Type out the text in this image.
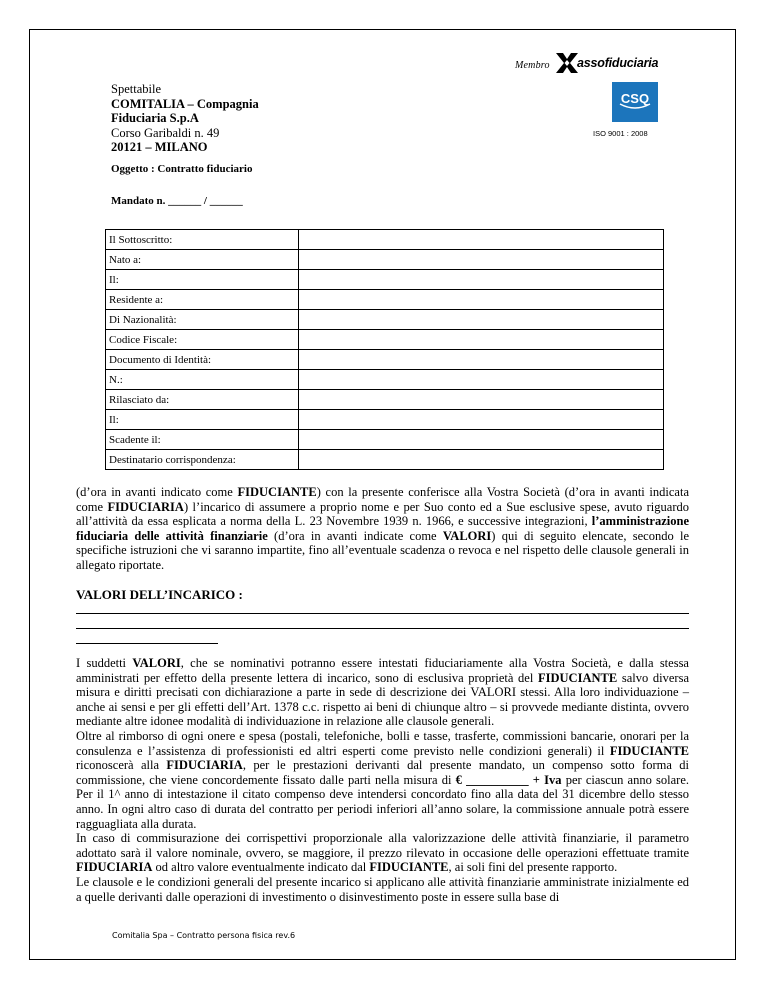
Spettabile
COMITALIA – Compagnia
Fiduciaria S.p.A
Corso Garibaldi n. 49
20121 – MILANO
Membro assofiduciaria
CSQ
ISO 9001 : 2008
Oggetto : Contratto fiduciario
Mandato n. ______ / ______
Il Sottoscritto:	
Nato a:	
Il:	
Residente a:	
Di Nazionalità:	
Codice Fiscale:	
Documento di Identità:	
N.:	
Rilasciato da:	
Il:	
Scadente il:	
Destinatario corrispondenza:	
(d’ora in avanti indicato come FIDUCIANTE) con la presente conferisce alla Vostra Società (d’ora in avanti indicata come FIDUCIARIA) l’incarico di assumere a proprio nome e per Suo conto ed a Sue esclusive spese, avuto riguardo all’attività da essa esplicata a norma della L. 23 Novembre 1939 n. 1966, e successive integrazioni, l’amministrazione fiduciaria delle attività finanziarie (d’ora in avanti indicate come VALORI) qui di seguito elencate, secondo le specifiche istruzioni che vi saranno impartite, fino all’eventuale scadenza o revoca e nel rispetto delle clausole generali in allegato riportate.
VALORI DELL’INCARICO :
I suddetti VALORI, che se nominativi potranno essere intestati fiduciariamente alla Vostra Società, e dalla stessa amministrati per effetto della presente lettera di incarico, sono di esclusiva proprietà del FIDUCIANTE salvo diversa misura e diritti precisati con dichiarazione a parte in sede di descrizione dei VALORI stessi. Alla loro individuazione – anche ai sensi e per gli effetti dell’Art. 1378 c.c. rispetto ai beni di chiunque altro – si provvede mediante distinta, ovvero mediante altre idonee modalità di individuazione in relazione alle clausole generali.
Oltre al rimborso di ogni onere e spesa (postali, telefoniche, bolli e tasse, trasferte, commissioni bancarie, onorari per la consulenza e l’assistenza di professionisti ed altri esperti come previsto nelle condizioni generali) il FIDUCIANTE riconoscerà alla FIDUCIARIA, per le prestazioni derivanti dal presente mandato, un compenso sotto forma di commissione, che viene concordemente fissato dalle parti nella misura di € __________ + Iva per ciascun anno solare. Per il 1^ anno di intestazione il citato compenso deve intendersi concordato fino alla data del 31 dicembre dello stesso anno. In ogni altro caso di durata del contratto per periodi inferiori all’anno solare, la commissione annuale potrà essere ragguagliata alla durata.
In caso di commisurazione dei corrispettivi proporzionale alla valorizzazione delle attività finanziarie, il parametro adottato sarà il valore nominale, ovvero, se maggiore, il prezzo rilevato in occasione delle operazioni effettuate tramite FIDUCIARIA od altro valore eventualmente indicato dal FIDUCIANTE, ai soli fini del presente rapporto.
Le clausole e le condizioni generali del presente incarico si applicano alle attività finanziarie amministrate inizialmente ed a quelle derivanti dalle operazioni di investimento o disinvestimento poste in essere sulla base di
Comitalia Spa – Contratto persona fisica rev.6
